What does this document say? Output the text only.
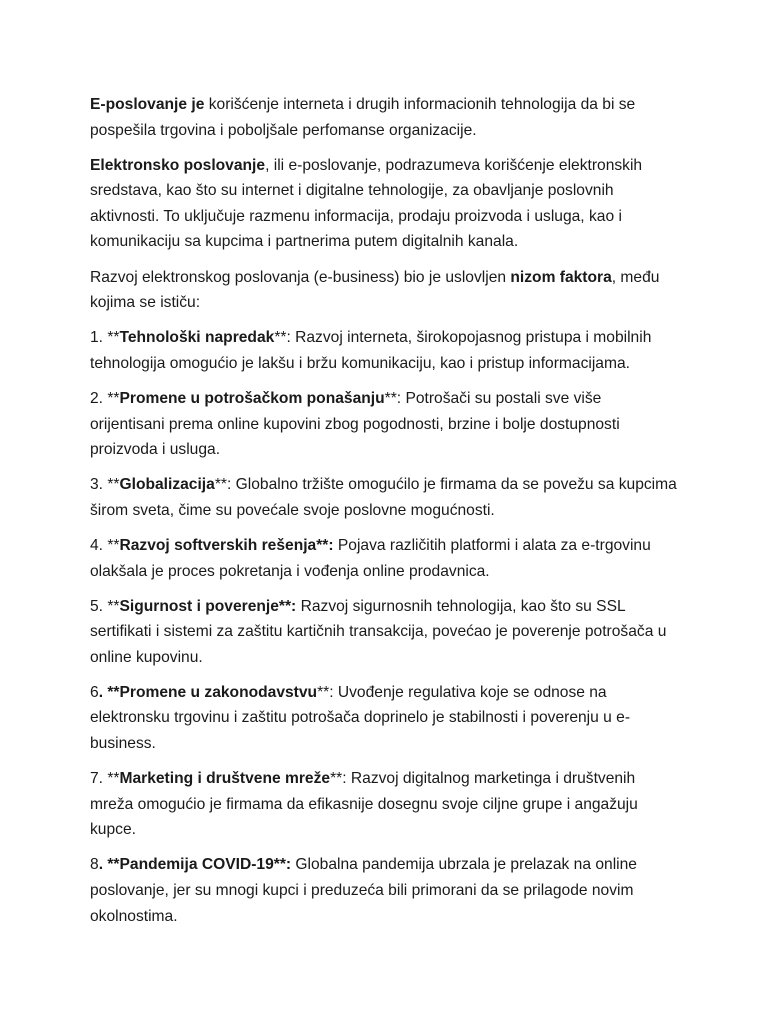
E-poslovanje je korišćenje interneta i drugih informacionih tehnologija da bi se pospešila trgovina i poboljšale perfomanse organizacije.

Elektronsko poslovanje, ili e-poslovanje, podrazumeva korišćenje elektronskih sredstava, kao što su internet i digitalne tehnologije, za obavljanje poslovnih aktivnosti. To uključuje razmenu informacija, prodaju proizvoda i usluga, kao i komunikaciju sa kupcima i partnerima putem digitalnih kanala.

Razvoj elektronskog poslovanja (e-business) bio je uslovljen nizom faktora, među kojima se ističu:

1. **Tehnološki napredak**: Razvoj interneta, širokopojasnog pristupa i mobilnih tehnologija omogućio je lakšu i bržu komunikaciju, kao i pristup informacijama.

2. **Promene u potrošačkom ponašanju**: Potrošači su postali sve više orijentisani prema online kupovini zbog pogodnosti, brzine i bolje dostupnosti proizvoda i usluga.

3. **Globalizacija**: Globalno tržište omogućilo je firmama da se povežu sa kupcima širom sveta, čime su povećale svoje poslovne mogućnosti.

4. **Razvoj softverskih rešenja**: Pojava različitih platformi i alata za e-trgovinu olakšala je proces pokretanja i vođenja online prodavnica.

5. **Sigurnost i poverenje**: Razvoj sigurnosnih tehnologija, kao što su SSL sertifikati i sistemi za zaštitu kartičnih transakcija, povećao je poverenje potrošača u online kupovinu.

6. **Promene u zakonodavstvu**: Uvođenje regulativa koje se odnose na elektronsku trgovinu i zaštitu potrošača doprinelo je stabilnosti i poverenju u e-business.

7. **Marketing i društvene mreže**: Razvoj digitalnog marketinga i društvenih mreža omogućio je firmama da efikasnije dosegnu svoje ciljne grupe i angažuju kupce.

8. **Pandemija COVID-19**: Globalna pandemija ubrzala je prelazak na online poslovanje, jer su mnogi kupci i preduzeća bili primorani da se prilagode novim okolnostima.
